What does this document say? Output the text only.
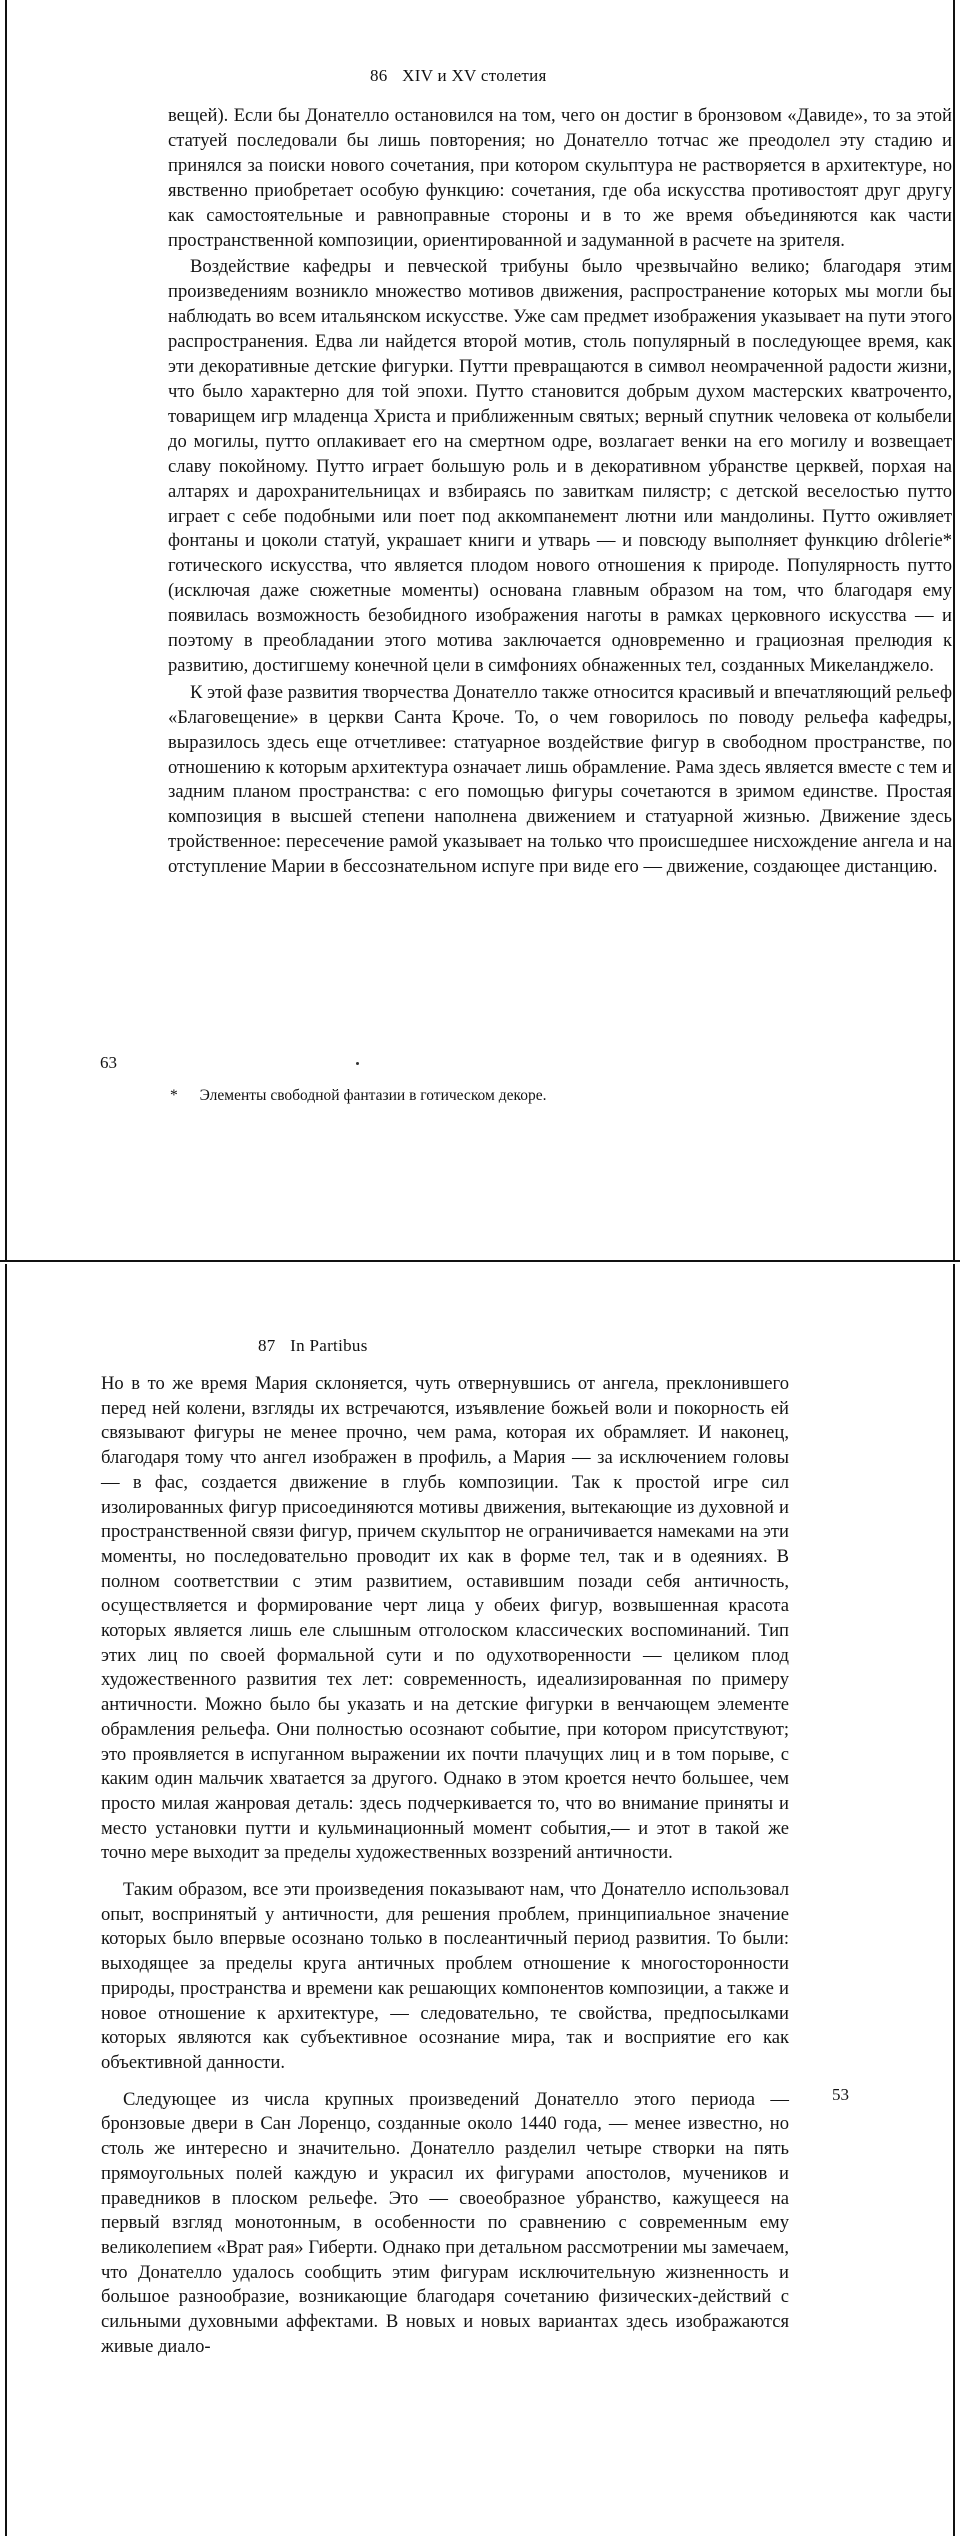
86 XIV и XV столетия

вещей). Если бы Донателло остановился на том, чего он достиг в бронзовом «Давиде», то за этой статуей последовали бы лишь повторения; но Донателло тотчас же преодолел эту стадию и принялся за поиски нового сочетания, при котором скульптура не растворяется в архитектуре, но явственно приобретает особую функцию: сочетания, где оба искусства противостоят друг другу как самостоятельные и равноправные стороны и в то же время объединяются как части пространственной композиции, ориентированной и задуманной в расчете на зрителя.

Воздействие кафедры и певческой трибуны было чрезвычайно велико; благодаря этим произведениям возникло множество мотивов движения, распространение которых мы могли бы наблюдать во всем итальянском искусстве. Уже сам предмет изображения указывает на пути этого распространения. Едва ли найдется второй мотив, столь популярный в последующее время, как эти декоративные детские фигурки. Путти превращаются в символ неомраченной радости жизни, что было характерно для той эпохи. Путто становится добрым духом мастерских кватроченто, товарищем игр младенца Христа и приближенным святых; верный спутник человека от колыбели до могилы, путто оплакивает его на смертном одре, возлагает венки на его могилу и возвещает славу покойному. Путто играет большую роль и в декоративном убранстве церквей, порхая на алтарях и дарохранительницах и взбираясь по завиткам пилястр; с детской веселостью путто играет с себе подобными или поет под аккомпанемент лютни или мандолины. Путто оживляет фонтаны и цоколи статуй, украшает книги и утварь — и повсюду выполняет функцию drôlerie* готического искусства, что является плодом нового отношения к природе. Популярность путто (исключая даже сюжетные моменты) основана главным образом на том, что благодаря ему появилась возможность безобидного изображения наготы в рамках церковного искусства — и поэтому в преобладании этого мотива заключается одновременно и грациозная прелюдия к развитию, достигшему конечной цели в симфониях обнаженных тел, созданных Микеланджело.

К этой фазе развития творчества Донателло также относится красивый и впечатляющий рельеф «Благовещение» в церкви Санта Кроче. То, о чем говорилось по поводу рельефа кафедры, выразилось здесь еще отчетливее: статуарное воздействие фигур в свободном пространстве, по отношению к которым архитектура означает лишь обрамление. Рама здесь является вместе с тем и задним планом пространства: с его помощью фигуры сочетаются в зримом единстве. Простая композиция в высшей степени наполнена движением и статуарной жизнью. Движение здесь тройственное: пересечение рамой указывает на только что происшедшее нисхождение ангела и на отступление Марии в бессознательном испуге при виде его — движение, создающее дистанцию.

63
* Элементы свободной фантазии в готическом декоре.
87 In Partibus

Но в то же время Мария склоняется, чуть отвернувшись от ангела, преклонившего перед ней колени, взгляды их встречаются, изъявление божьей воли и покорность ей связывают фигуры не менее прочно, чем рама, которая их обрамляет. И наконец, благодаря тому что ангел изображен в профиль, а Мария — за исключением головы — в фас, создается движение в глубь композиции. Так к простой игре сил изолированных фигур присоединяются мотивы движения, вытекающие из духовной и пространственной связи фигур, причем скульптор не ограничивается намеками на эти моменты, но последовательно проводит их как в форме тел, так и в одеяниях. В полном соответствии с этим развитием, оставившим позади себя античность, осуществляется и формирование черт лица у обеих фигур, возвышенная красота которых является лишь еле слышным отголоском классических воспоминаний. Тип этих лиц по своей формальной сути и по одухотворенности — целиком плод художественного развития тех лет: современность, идеализированная по примеру античности. Можно было бы указать и на детские фигурки в венчающем элементе обрамления рельефа. Они полностью осознают событие, при котором присутствуют; это проявляется в испуганном выражении их почти плачущих лиц и в том порыве, с каким один мальчик хватается за другого. Однако в этом кроется нечто большее, чем просто милая жанровая деталь: здесь подчеркивается то, что во внимание приняты и место установки путти и кульминационный момент события,— и этот в такой же точно мере выходит за пределы художественных воззрений античности.

Таким образом, все эти произведения показывают нам, что Донателло использовал опыт, воспринятый у античности, для решения проблем, принципиальное значение которых было впервые осознано только в послеантичный период развития. То были: выходящее за пределы круга античных проблем отношение к многосторонности природы, пространства и времени как решающих компонентов композиции, а также и новое отношение к архитектуре, — следовательно, те свойства, предпосылками которых являются как субъективное осознание мира, так и восприятие его как объективной данности.

Следующее из числа крупных произведений Донателло этого периода — бронзовые двери в Сан Лоренцо, созданные около 1440 года, — менее известно, но столь же интересно и значительно. Донателло разделил четыре створки на пять прямоугольных полей каждую и украсил их фигурами апостолов, мучеников и праведников в плоском рельефе. Это — своеобразное убранство, кажущееся на первый взгляд монотонным, в особенности по сравнению с современным ему великолепием «Врат рая» Гиберти. Однако при детальном рассмотрении мы замечаем, что Донателло удалось сообщить этим фигурам исключительную жизненность и большое разнообразие, возникающие благодаря сочетанию физических-действий с сильными духовными аффектами. В новых и новых вариантах здесь изображаются живые диало-

53
